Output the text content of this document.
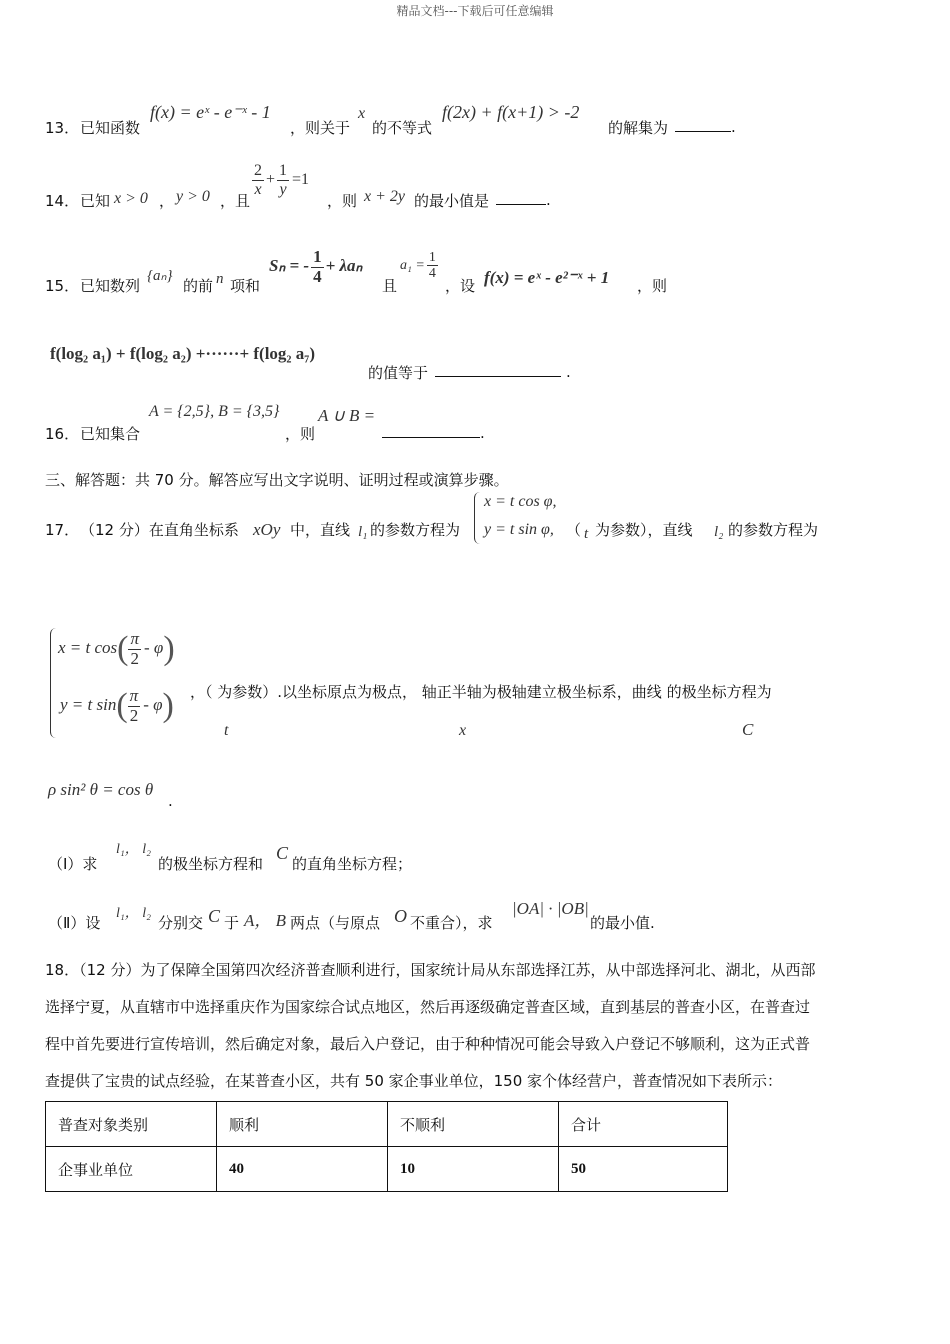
精品文档---下载后可任意编辑
13． 已知函数
f(x) = eˣ - e⁻ˣ - 1
，则关于
x
的不等式
f(2x) + f(x+1) > -2
的解集为	.
14． 已知 x > 0 ， y > 0 ，且
$\frac{2}{x} + \frac{1}{y} =1$
，则 x + 2y 的最小值是	.
15． 已知数列
{aₙ}
的前 n 项和
Sₙ = - $\frac{1}{4} + \lambda a_n$
且
$a_1 = \frac{1}{4}$
，设 f(x) = eˣ - e²⁻ˣ + 1 ，则
f(log₂ a₁) + f(log₂ a₂) +······+ f(log₂ a₇)
的值等于	.
16． 已知集合
A = {2,5}, B = {3,5}
，则
A ∪ B =
.
三、解答题：共 70 分。解答应写出文字说明、证明过程或演算步骤。
17． （12 分）在直角坐标系 xOy 中，直线 l₁ 的参数方程为
x = t cos φ,
y = t sin φ, （ t 为参数），直线 l₂ 的参数方程为
x = t $\cos( \frac{\pi}{2} - \varphi)$
y = t $\sin( \frac{\pi}{2} - \varphi)$ ，（ 为参数）.以坐标原点为极点， 轴正半轴为极轴建立极坐标系，曲线 的极坐标方程为
t	x	C
ρ sin² θ = cos θ
.
（Ⅰ）求
l₁， l₂
的极坐标方程和
C
的直角坐标方程；
（Ⅱ）设
l₁， l₂
分别交 C 于 A， B 两点（与原点 O 不重合），求
|OA| · |OB|
的最小值.
18．（12 分）为了保障全国第四次经济普查顺利进行，国家统计局从东部选择江苏，从中部选择河北、湖北，从西部
选择宁夏，从直辖市中选择重庆作为国家综合试点地区，然后再逐级确定普查区域，直到基层的普查小区，在普查过
程中首先要进行宣传培训，然后确定对象，最后入户登记，由于种种情况可能会导致入户登记不够顺利，这为正式普
查提供了宝贵的试点经验，在某普查小区，共有 50 家企事业单位，150 家个体经营户，普查情况如下表所示：
普查对象类别	顺利	不顺利	合计
企事业单位	40	10	50
